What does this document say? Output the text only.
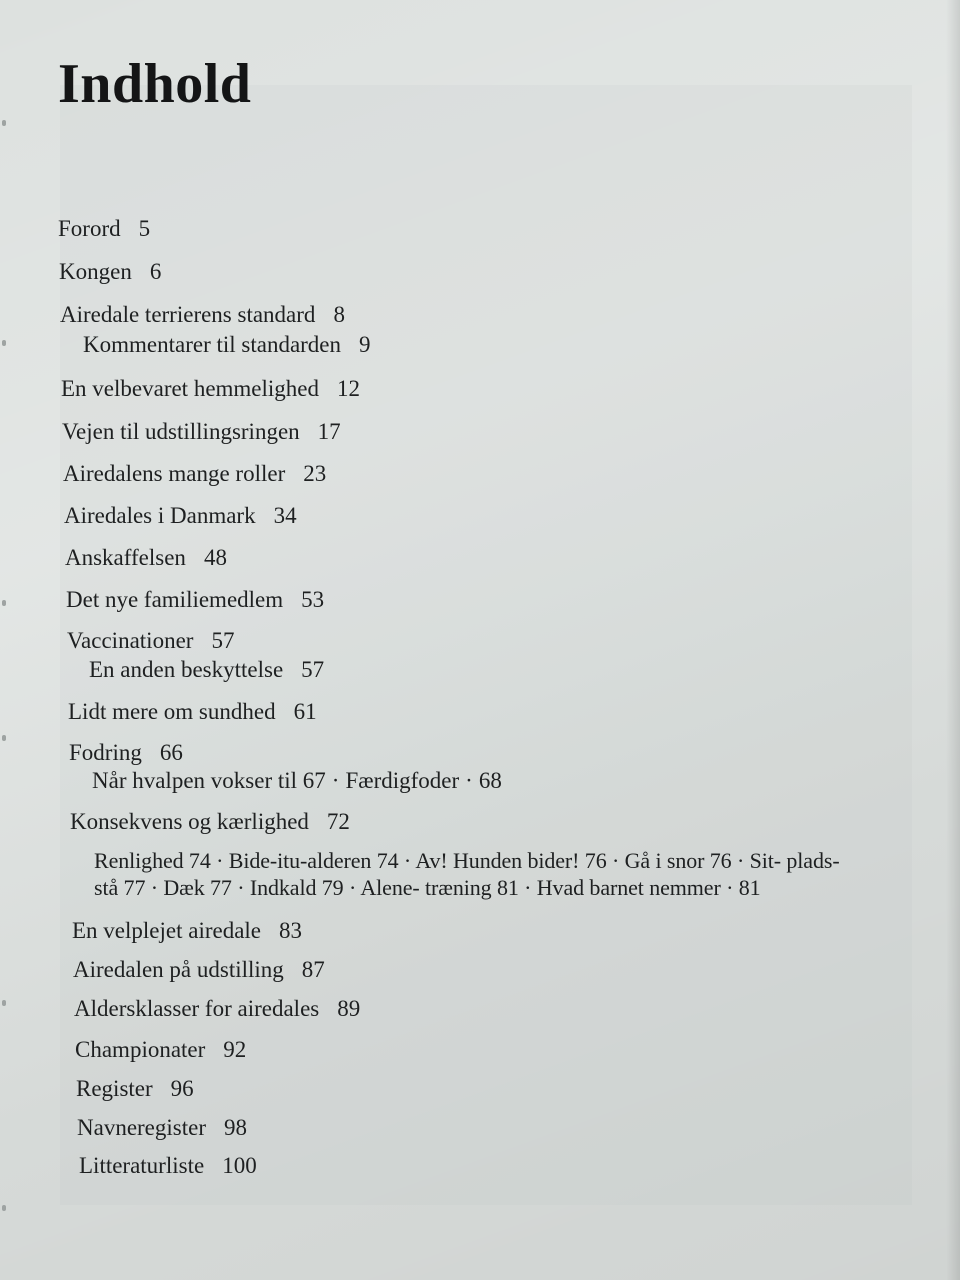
Indhold
Forord 5
Kongen 6
Airedale terrierens standard 8
Kommentarer til standarden 9
En velbevaret hemmelighed 12
Vejen til udstillingsringen 17
Airedalens mange roller 23
Airedales i Danmark 34
Anskaffelsen 48
Det nye familiemedlem 53
Vaccinationer 57
En anden beskyttelse 57
Lidt mere om sundhed 61
Fodring 66
Når hvalpen vokser til 67 · Færdigfoder · 68
Konsekvens og kærlighed 72
Renlighed 74 · Bide-itu-alderen 74 · Av! Hunden bider! 76 · Gå i snor 76 · Sit- plads-
stå 77 · Dæk 77 · Indkald 79 · Alene- træning 81 · Hvad barnet nemmer · 81
En velplejet airedale 83
Airedalen på udstilling 87
Aldersklasser for airedales 89
Championater 92
Register 96
Navneregister 98
Litteraturliste 100
